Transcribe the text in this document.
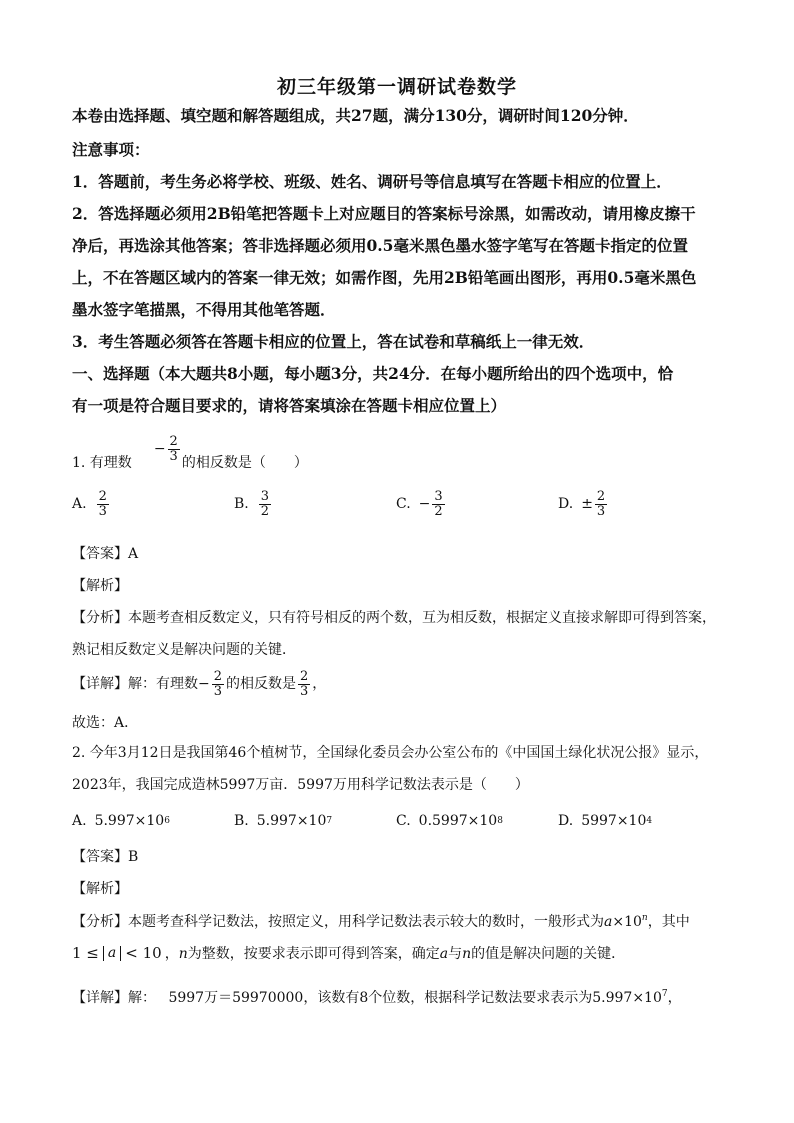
初三年级第一调研试卷数学
本卷由选择题、填空题和解答题组成，共27题，满分130分，调研时间120分钟．
注意事项：
1．答题前，考生务必将学校、班级、姓名、调研号等信息填写在答题卡相应的位置上．
2．答选择题必须用2B铅笔把答题卡上对应题目的答案标号涂黑，如需改动，请用橡皮擦干
净后，再选涂其他答案；答非选择题必须用0.5毫米黑色墨水签字笔写在答题卡指定的位置
上，不在答题区域内的答案一律无效；如需作图，先用2B铅笔画出图形，再用0.5毫米黑色
墨水签字笔描黑，不得用其他笔答题．
3．考生答题必须答在答题卡相应的位置上，答在试卷和草稿纸上一律无效．
一、选择题（本大题共8小题，每小题3分，共24分．在每小题所给出的四个选项中，恰
有一项是符合题目要求的，请将答案填涂在答题卡相应位置上）
1. 有理数
− $\frac{2}{3}$ 的相反数是（　　）
A. $\frac{2}{3}$	B. $\frac{3}{2}$	C. − $\frac{3}{2}$	D. ± $\frac{2}{3}$
【答案】A
【解析】
【分析】本题考查相反数定义，只有符号相反的两个数，互为相反数，根据定义直接求解即可得到答案，
熟记相反数定义是解决问题的关键．
【详解】解：有理数 − $\frac{2}{3}$ 的相反数是 $\frac{2}{3}$ ，
故选：A．
2. 今年3月12日是我国第46个植树节，全国绿化委员会办公室公布的《中国国土绿化状况公报》显示，
2023年，我国完成造林5997万亩．5997万用科学记数法表示是（　　）
A. 5.997×10 6	B. 5.997×10 7	C. 0.5997×10 8	D. 5997×10 4
【答案】B
【解析】
【分析】本题考查科学记数法，按照定义，用科学记数法表示较大的数时，一般形式为$a\times 10^n$，其中
1 ≤ a < 10 ， n 为整数，按要求表示即可得到答案，确定 a 与 n 的值是解决问题的关键．
【详解】解： 5997万＝59970000，该数有8个位数，根据科学记数法要求表示为$5.997\times 10^7$，
